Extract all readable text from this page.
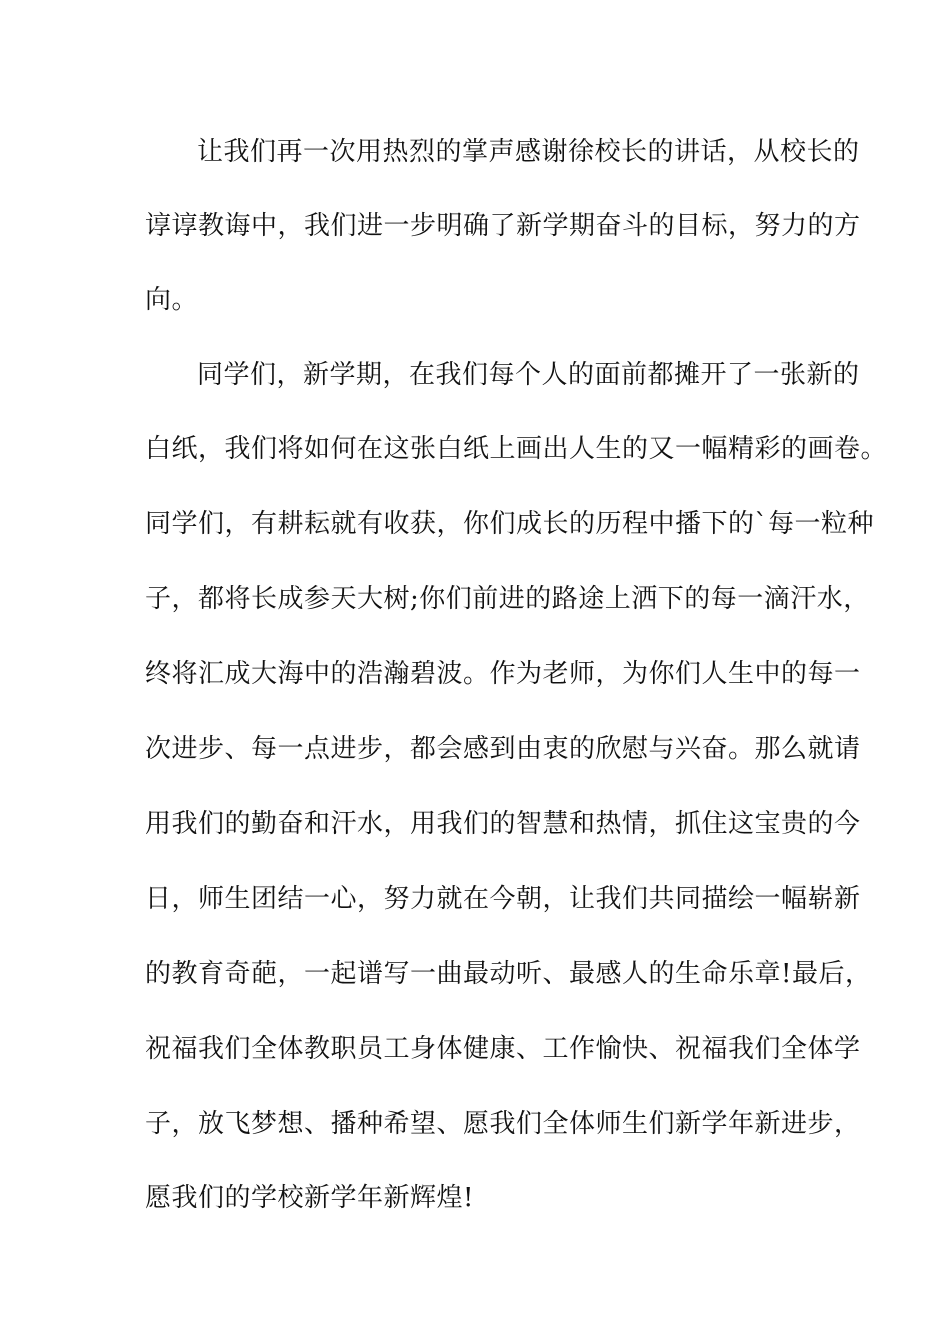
让我们再一次用热烈的掌声感谢徐校长的讲话，从校长的
谆谆教诲中，我们进一步明确了新学期奋斗的目标，努力的方
向。
同学们，新学期，在我们每个人的面前都摊开了一张新的
白纸，我们将如何在这张白纸上画出人生的又一幅精彩的画卷。
同学们，有耕耘就有收获，你们成长的历程中播下的`每一粒种
子，都将长成参天大树;你们前进的路途上洒下的每一滴汗水，
终将汇成大海中的浩瀚碧波。作为老师，为你们人生中的每一
次进步、每一点进步，都会感到由衷的欣慰与兴奋。那么就请
用我们的勤奋和汗水，用我们的智慧和热情，抓住这宝贵的今
日，师生团结一心，努力就在今朝，让我们共同描绘一幅崭新
的教育奇葩，一起谱写一曲最动听、最感人的生命乐章!最后，
祝福我们全体教职员工身体健康、工作愉快、祝福我们全体学
子，放飞梦想、播种希望、愿我们全体师生们新学年新进步，
愿我们的学校新学年新辉煌!
